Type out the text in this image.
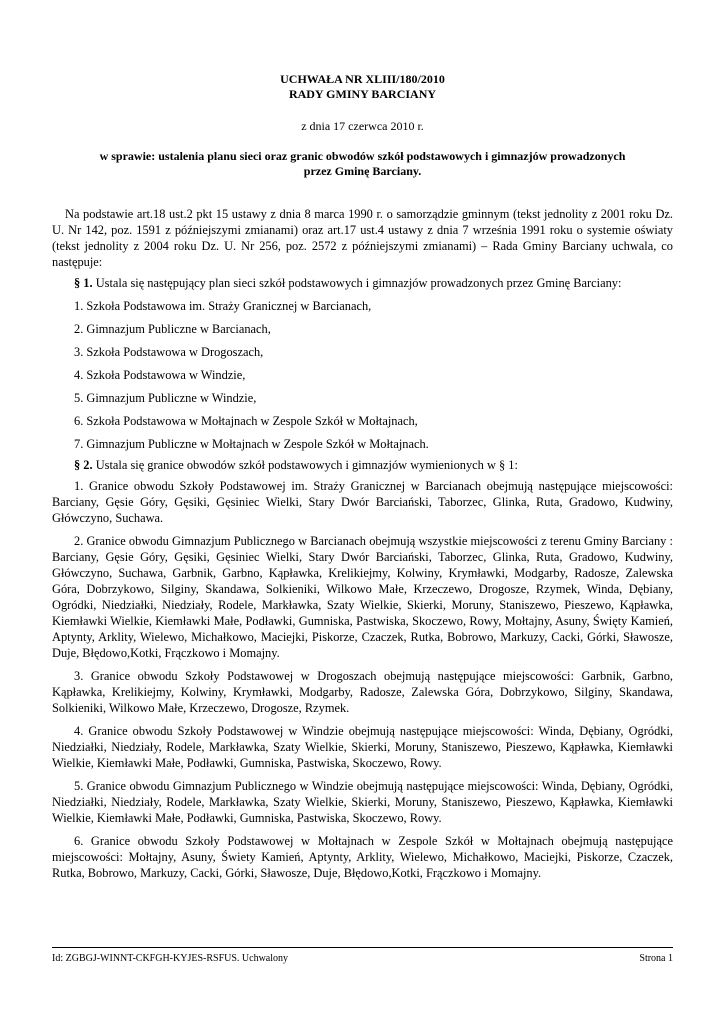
UCHWAŁA NR XLIII/180/2010
RADY GMINY BARCIANY
z dnia 17 czerwca 2010 r.
w sprawie: ustalenia planu sieci oraz granic obwodów szkół podstawowych i gimnazjów prowadzonych
przez Gminę Barciany.

Na podstawie art.18 ust.2 pkt 15 ustawy z dnia 8 marca 1990 r. o samorządzie gminnym (tekst jednolity z 2001 roku Dz. U. Nr 142, poz. 1591 z późniejszymi zmianami) oraz art.17 ust.4 ustawy z dnia 7 września 1991 roku o systemie oświaty (tekst jednolity z 2004 roku Dz. U. Nr 256, poz. 2572 z późniejszymi zmianami) – Rada Gminy Barciany uchwala, co następuje:

§ 1. Ustala się następujący plan sieci szkół podstawowych i gimnazjów prowadzonych przez Gminę Barciany:

1. Szkoła Podstawowa im. Straży Granicznej w Barcianach,

2. Gimnazjum Publiczne w Barcianach,

3. Szkoła Podstawowa w Drogoszach,

4. Szkoła Podstawowa w Windzie,

5. Gimnazjum Publiczne w Windzie,

6. Szkoła Podstawowa w Mołtajnach w Zespole Szkół w Mołtajnach,

7. Gimnazjum Publiczne w Mołtajnach w Zespole Szkół w Mołtajnach.

§ 2. Ustala się granice obwodów szkół podstawowych i gimnazjów wymienionych w § 1:

1. Granice obwodu Szkoły Podstawowej im. Straży Granicznej w Barcianach obejmują następujące miejscowości: Barciany, Gęsie Góry, Gęsiki, Gęsiniec Wielki, Stary Dwór Barciański, Taborzec, Glinka, Ruta, Gradowo, Kudwiny, Główczyno, Suchawa.

2. Granice obwodu Gimnazjum Publicznego w Barcianach obejmują wszystkie miejscowości z terenu Gminy Barciany : Barciany, Gęsie Góry, Gęsiki, Gęsiniec Wielki, Stary Dwór Barciański, Taborzec, Glinka, Ruta, Gradowo, Kudwiny, Główczyno, Suchawa, Garbnik, Garbno, Kąpławka, Krelikiejmy, Kolwiny, Krymławki, Modgarby, Radosze, Zalewska Góra, Dobrzykowo, Silginy, Skandawa, Solkieniki, Wilkowo Małe, Krzeczewo, Drogosze, Rzymek, Winda, Dębiany, Ogródki, Niedziałki, Niedziały, Rodele, Markławka, Szaty Wielkie, Skierki, Moruny, Staniszewo, Pieszewo, Kąpławka, Kiemławki Wielkie, Kiemławki Małe, Podławki, Gumniska, Pastwiska, Skoczewo, Rowy, Mołtajny, Asuny, Święty Kamień, Aptynty, Arklity, Wielewo, Michałkowo, Maciejki, Piskorze, Czaczek, Rutka, Bobrowo, Markuzy, Cacki, Górki, Sławosze, Duje, Błędowo,Kotki, Frączkowo i Momajny.

3. Granice obwodu Szkoły Podstawowej w Drogoszach obejmują następujące miejscowości: Garbnik, Garbno, Kąpławka, Krelikiejmy, Kolwiny, Krymławki, Modgarby, Radosze, Zalewska Góra, Dobrzykowo, Silginy, Skandawa, Solkieniki, Wilkowo Małe, Krzeczewo, Drogosze, Rzymek.

4. Granice obwodu Szkoły Podstawowej w Windzie obejmują następujące miejscowości: Winda, Dębiany, Ogródki, Niedziałki, Niedziały, Rodele, Markławka, Szaty Wielkie, Skierki, Moruny, Staniszewo, Pieszewo, Kąpławka, Kiemławki Wielkie, Kiemławki Małe, Podławki, Gumniska, Pastwiska, Skoczewo, Rowy.

5. Granice obwodu Gimnazjum Publicznego w Windzie obejmują następujące miejscowości: Winda, Dębiany, Ogródki, Niedziałki, Niedziały, Rodele, Markławka, Szaty Wielkie, Skierki, Moruny, Staniszewo, Pieszewo, Kąpławka, Kiemławki Wielkie, Kiemławki Małe, Podławki, Gumniska, Pastwiska, Skoczewo, Rowy.

6. Granice obwodu Szkoły Podstawowej w Mołtajnach w Zespole Szkół w Mołtajnach obejmują następujące miejscowości: Mołtajny, Asuny, Świety Kamień, Aptynty, Arklity, Wielewo, Michałkowo, Maciejki, Piskorze, Czaczek, Rutka, Bobrowo, Markuzy, Cacki, Górki, Sławosze, Duje, Błędowo,Kotki, Frączkowo i Momajny.

Id: ZGBGJ-WINNT-CKFGH-KYJES-RSFUS. Uchwalony	Strona 1
